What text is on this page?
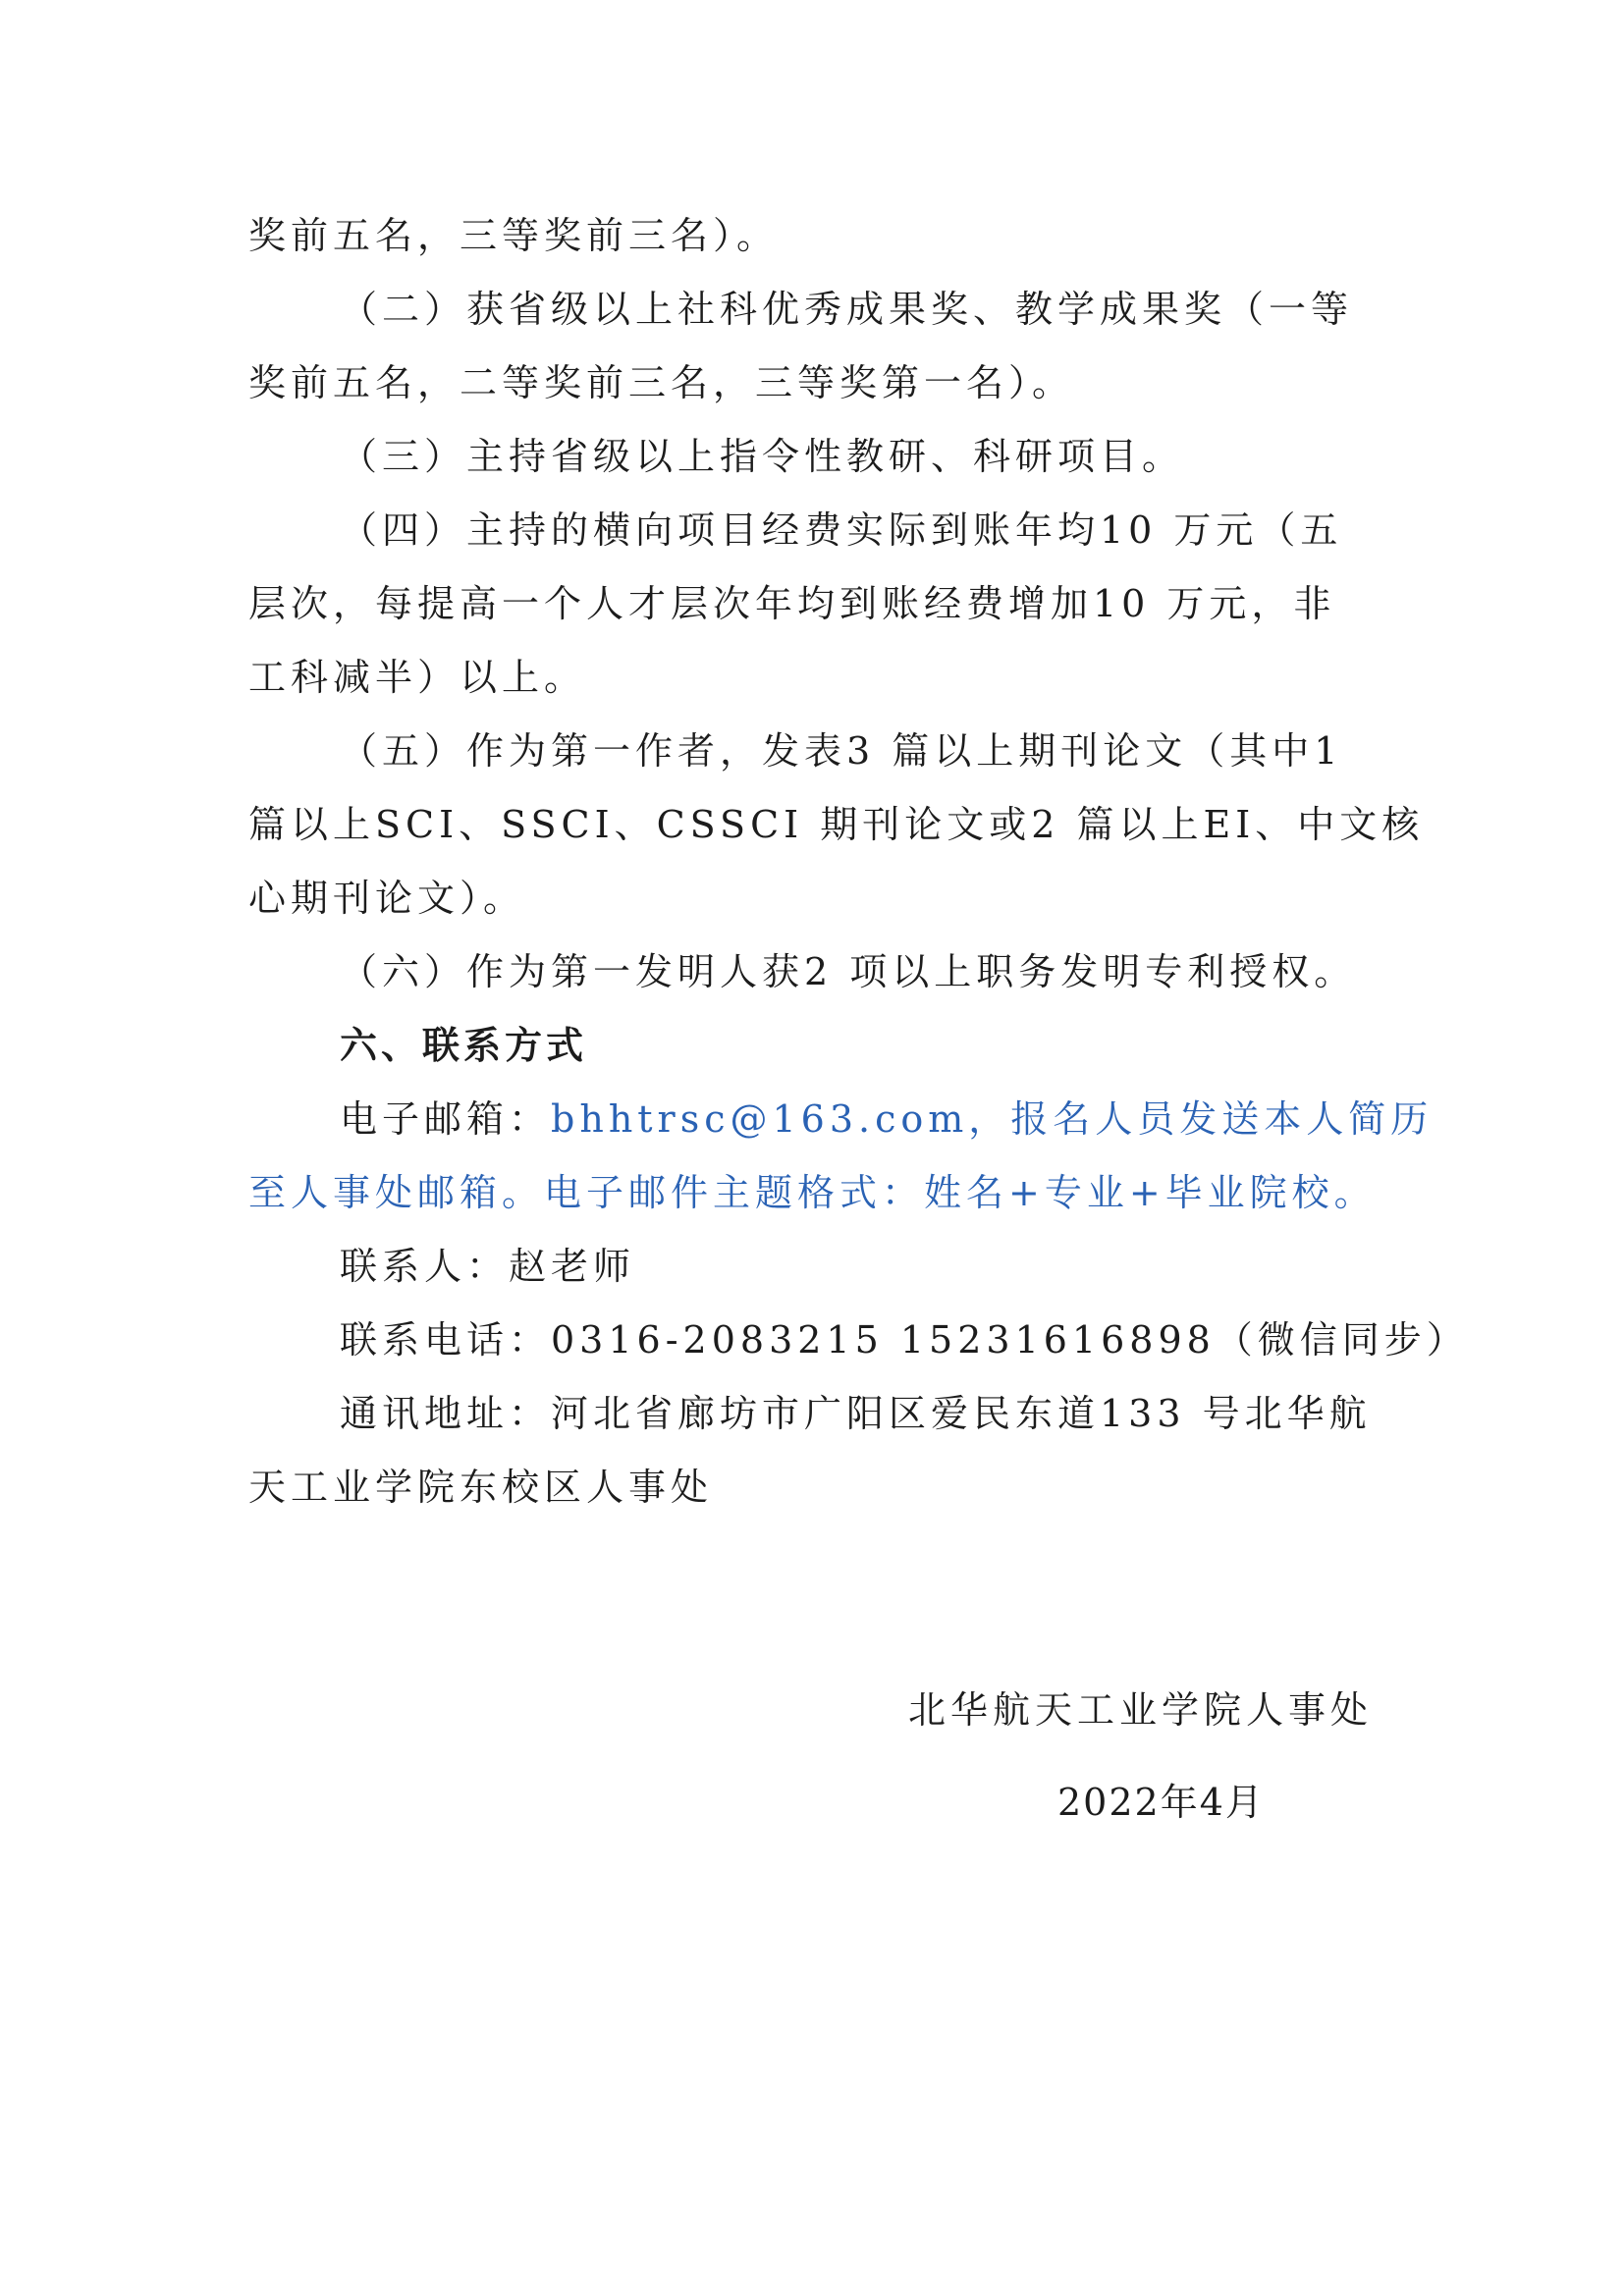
奖前五名，三等奖前三名）。

（二）获省级以上社科优秀成果奖、教学成果奖（一等

奖前五名，二等奖前三名，三等奖第一名）。

（三）主持省级以上指令性教研、科研项目。

（四）主持的横向项目经费实际到账年均10 万元（五

层次，每提高一个人才层次年均到账经费增加10 万元，非

工科减半）以上。

（五）作为第一作者，发表3 篇以上期刊论文（其中1

篇以上SCI、SSCI、CSSCI 期刊论文或2 篇以上EI、中文核

心期刊论文）。

（六）作为第一发明人获2 项以上职务发明专利授权。

六、联系方式

电子邮箱：bhhtrsc@163.com，报名人员发送本人简历

至人事处邮箱。电子邮件主题格式：姓名+专业+毕业院校。

联系人：赵老师

联系电话：0316-2083215 15231616898（微信同步）

通讯地址：河北省廊坊市广阳区爱民东道133 号北华航

天工业学院东校区人事处

北华航天工业学院人事处

2022年4月
